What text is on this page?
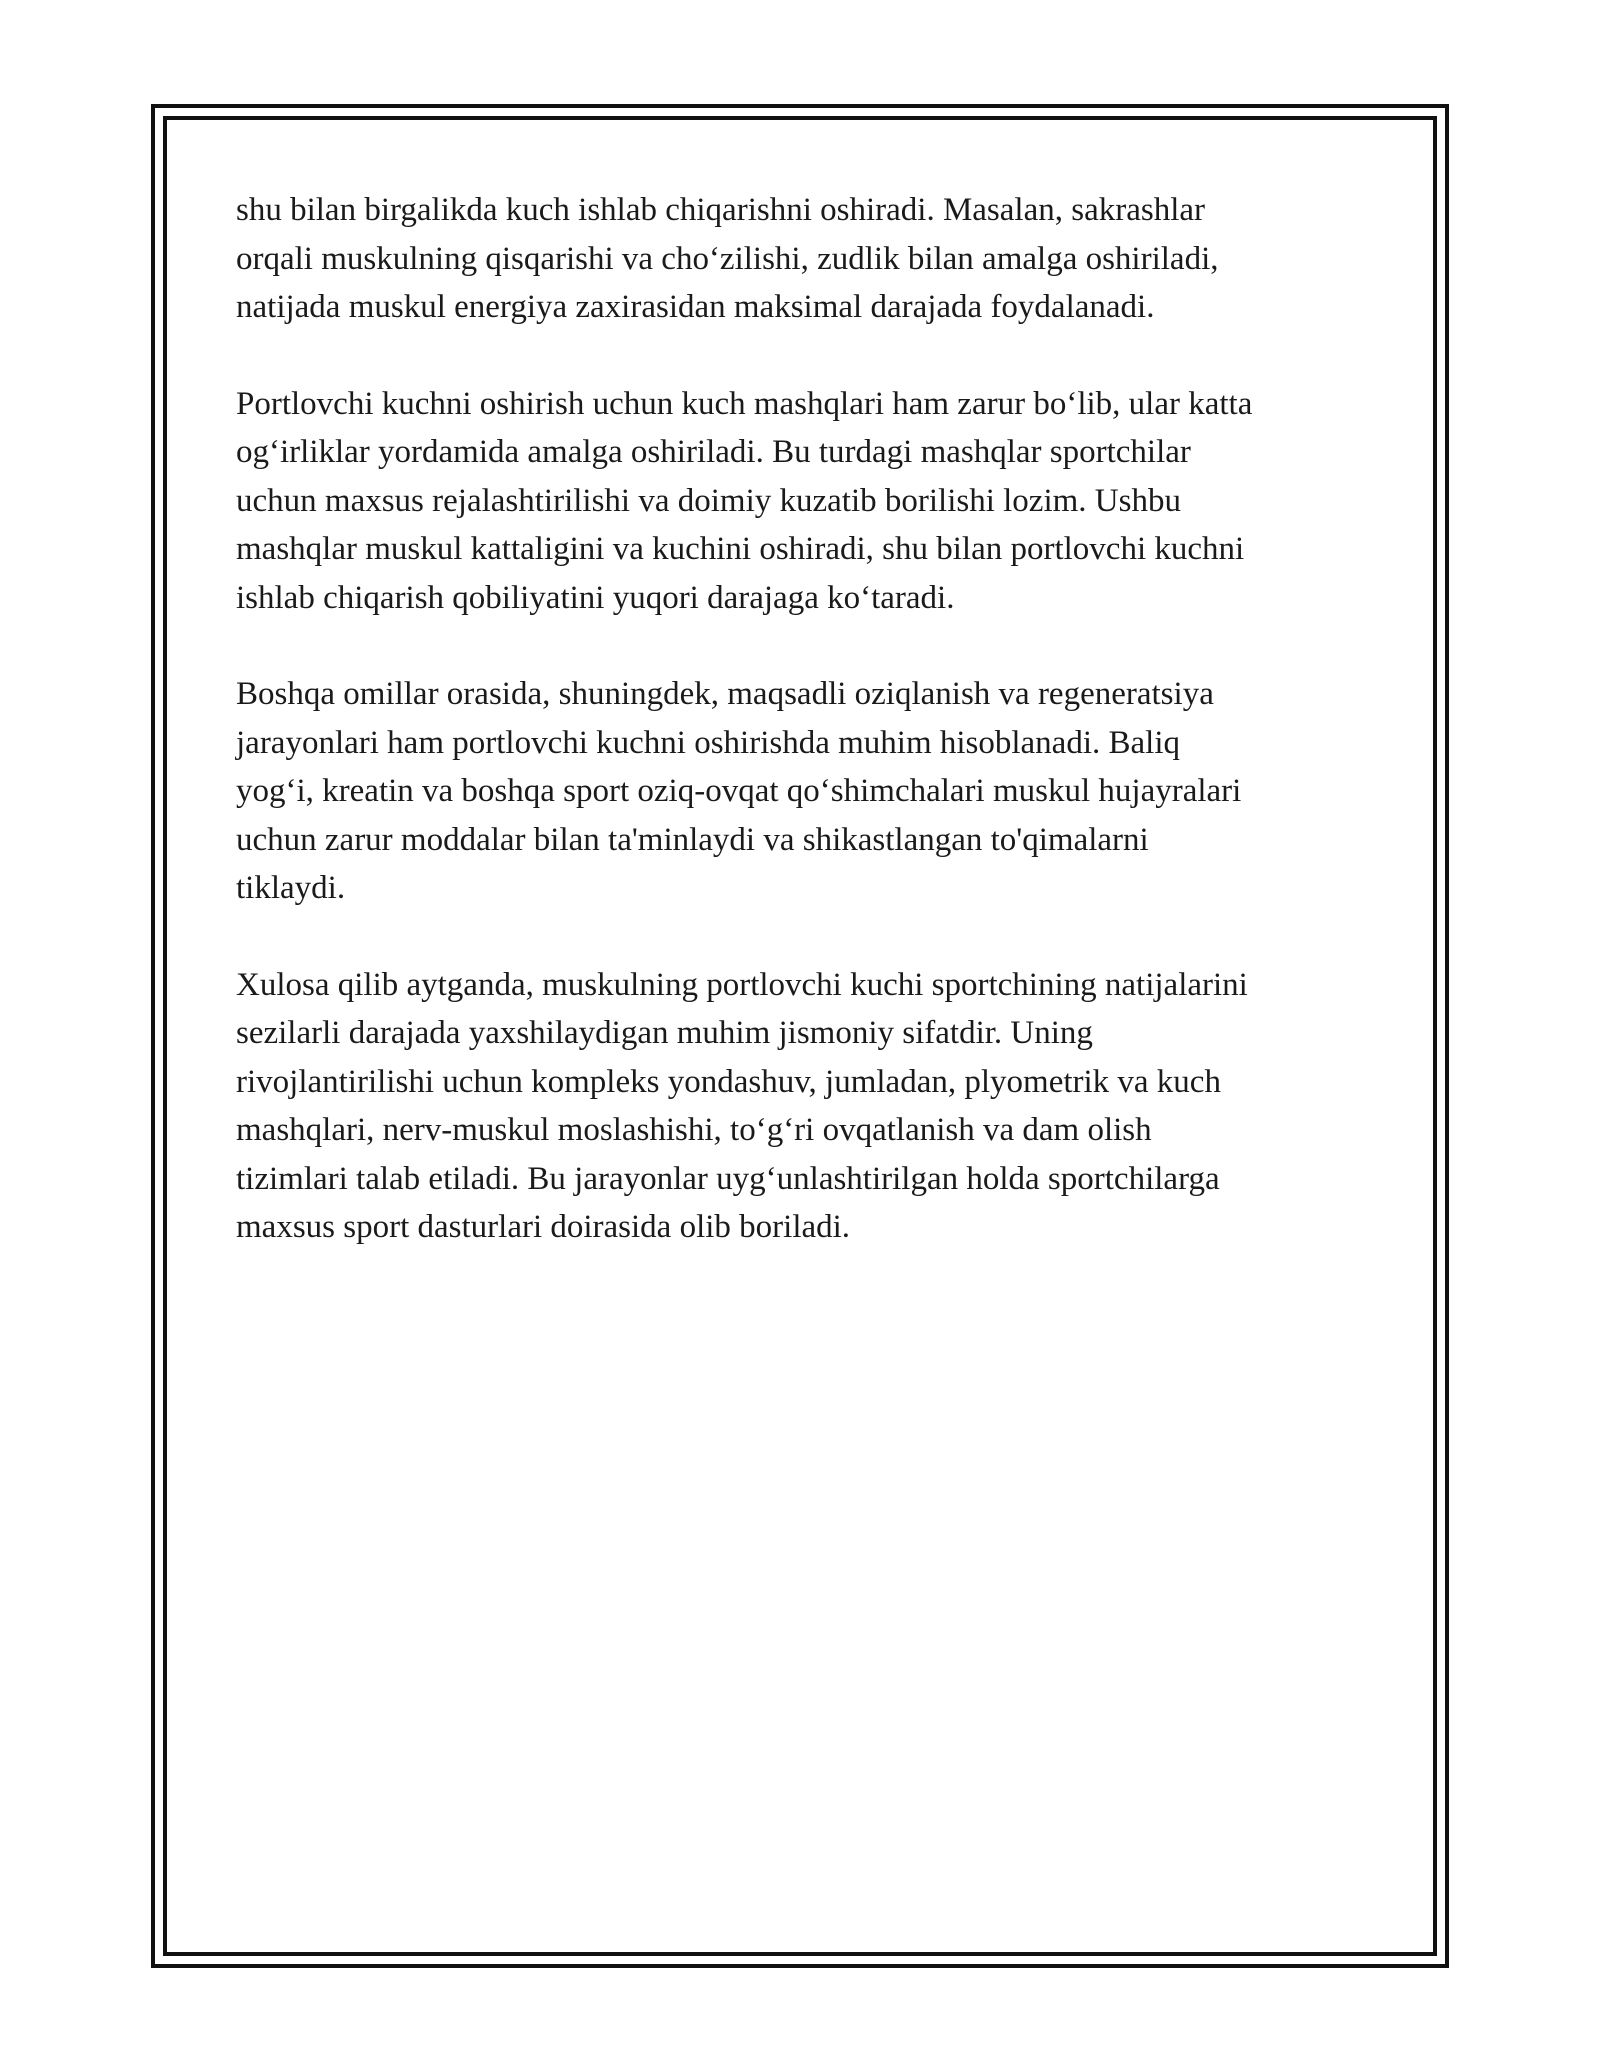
shu bilan birgalikda kuch ishlab chiqarishni oshiradi. Masalan, sakrashlar
orqali muskulning qisqarishi va cho‘zilishi, zudlik bilan amalga oshiriladi,
natijada muskul energiya zaxirasidan maksimal darajada foydalanadi.

Portlovchi kuchni oshirish uchun kuch mashqlari ham zarur bo‘lib, ular katta
og‘irliklar yordamida amalga oshiriladi. Bu turdagi mashqlar sportchilar
uchun maxsus rejalashtirilishi va doimiy kuzatib borilishi lozim. Ushbu
mashqlar muskul kattaligini va kuchini oshiradi, shu bilan portlovchi kuchni
ishlab chiqarish qobiliyatini yuqori darajaga ko‘taradi.

Boshqa omillar orasida, shuningdek, maqsadli oziqlanish va regeneratsiya
jarayonlari ham portlovchi kuchni oshirishda muhim hisoblanadi. Baliq
yog‘i, kreatin va boshqa sport oziq-ovqat qo‘shimchalari muskul hujayralari
uchun zarur moddalar bilan ta'minlaydi va shikastlangan to'qimalarni
tiklaydi.

Xulosa qilib aytganda, muskulning portlovchi kuchi sportchining natijalarini
sezilarli darajada yaxshilaydigan muhim jismoniy sifatdir. Uning
rivojlantirilishi uchun kompleks yondashuv, jumladan, plyometrik va kuch
mashqlari, nerv-muskul moslashishi, to‘g‘ri ovqatlanish va dam olish
tizimlari talab etiladi. Bu jarayonlar uyg‘unlashtirilgan holda sportchilarga
maxsus sport dasturlari doirasida olib boriladi.
